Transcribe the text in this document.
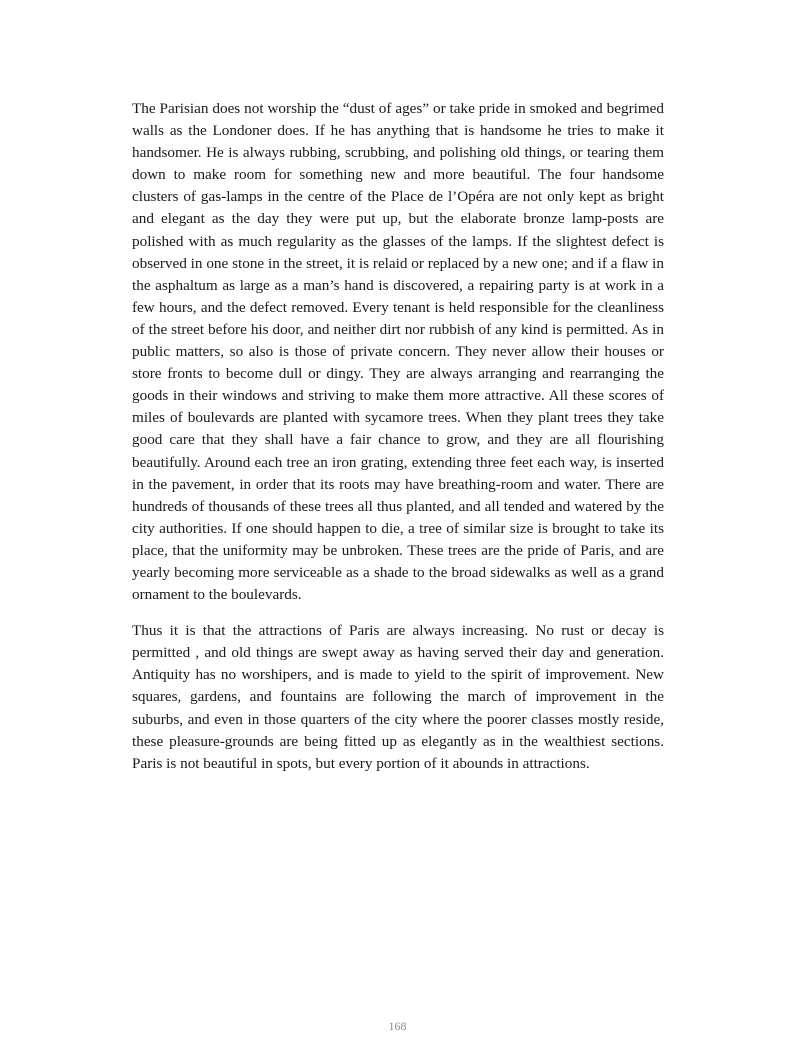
The Parisian does not worship the “dust of ages” or take pride in smoked and begrimed walls as the Londoner does. If he has anything that is handsome he tries to make it handsomer. He is always rubbing, scrubbing, and polishing old things, or tearing them down to make room for something new and more beautiful. The four handsome clusters of gas-lamps in the centre of the Place de l’Opéra are not only kept as bright and elegant as the day they were put up, but the elaborate bronze lamp-posts are polished with as much regularity as the glasses of the lamps. If the slightest defect is observed in one stone in the street, it is relaid or replaced by a new one; and if a flaw in the asphaltum as large as a man’s hand is discovered, a repairing party is at work in a few hours, and the defect removed. Every tenant is held responsible for the cleanliness of the street before his door, and neither dirt nor rubbish of any kind is permitted. As in public matters, so also is those of private concern. They never allow their houses or store fronts to become dull or dingy. They are always arranging and rearranging the goods in their windows and striving to make them more attractive. All these scores of miles of boulevards are planted with sycamore trees. When they plant trees they take good care that they shall have a fair chance to grow, and they are all flourishing beautifully. Around each tree an iron grating, extending three feet each way, is inserted in the pavement, in order that its roots may have breathing-room and water. There are hundreds of thousands of these trees all thus planted, and all tended and watered by the city authorities. If one should happen to die, a tree of similar size is brought to take its place, that the uniformity may be unbroken. These trees are the pride of Paris, and are yearly becoming more serviceable as a shade to the broad sidewalks as well as a grand ornament to the boulevards.

Thus it is that the attractions of Paris are always increasing. No rust or decay is permitted , and old things are swept away as having served their day and generation. Antiquity has no worshipers, and is made to yield to the spirit of improvement. New squares, gardens, and fountains are following the march of improvement in the suburbs, and even in those quarters of the city where the poorer classes mostly reside, these pleasure-grounds are being fitted up as elegantly as in the wealthiest sections. Paris is not beautiful in spots, but every portion of it abounds in attractions.

168
